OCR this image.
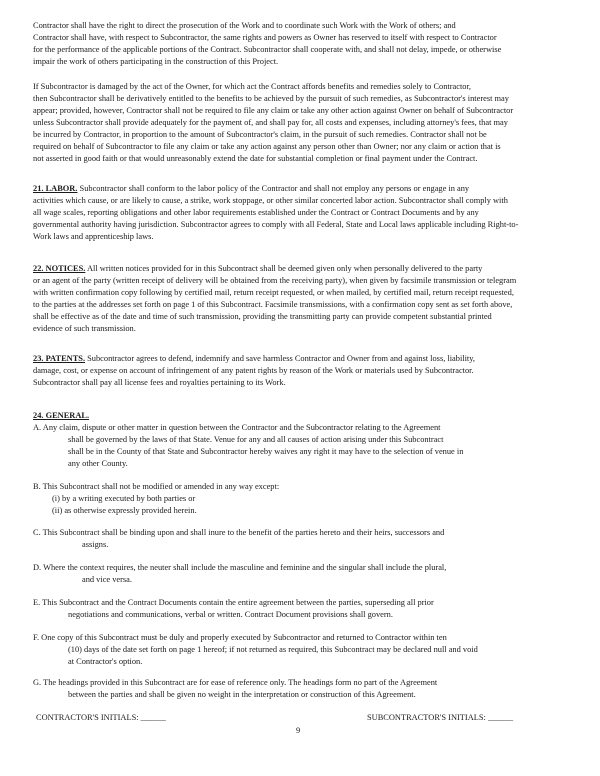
Contractor shall have the right to direct the prosecution of the Work and to coordinate such Work with the Work of others; and
Contractor shall have, with respect to Subcontractor, the same rights and powers as Owner has reserved to itself with respect to Contractor
for the performance of the applicable portions of the Contract. Subcontractor shall cooperate with, and shall not delay, impede, or otherwise
impair the work of others participating in the construction of this Project.
If Subcontractor is damaged by the act of the Owner, for which act the Contract affords benefits and remedies solely to Contractor,
then Subcontractor shall be derivatively entitled to the benefits to be achieved by the pursuit of such remedies, as Subcontractor's interest may
appear; provided, however, Contractor shall not be required to file any claim or take any other action against Owner on behalf of Subcontractor
unless Subcontractor shall provide adequately for the payment of, and shall pay for, all costs and expenses, including attorney's fees, that may
be incurred by Contractor, in proportion to the amount of Subcontractor's claim, in the pursuit of such remedies. Contractor shall not be
required on behalf of Subcontractor to file any claim or take any action against any person other than Owner; nor any claim or action that is
not asserted in good faith or that would unreasonably extend the date for substantial completion or final payment under the Contract.
21. LABOR. Subcontractor shall conform to the labor policy of the Contractor and shall not employ any persons or engage in any
activities which cause, or are likely to cause, a strike, work stoppage, or other similar concerted labor action. Subcontractor shall comply with
all wage scales, reporting obligations and other labor requirements established under the Contract or Contract Documents and by any
governmental authority having jurisdiction. Subcontractor agrees to comply with all Federal, State and Local laws applicable including Right-to-
Work laws and apprenticeship laws.
22. NOTICES. All written notices provided for in this Subcontract shall be deemed given only when personally delivered to the party
or an agent of the party (written receipt of delivery will be obtained from the receiving party), when given by facsimile transmission or telegram
with written confirmation copy following by certified mail, return receipt requested, or when mailed, by certified mail, return receipt requested,
to the parties at the addresses set forth on page 1 of this Subcontract. Facsimile transmissions, with a confirmation copy sent as set forth above,
shall be effective as of the date and time of such transmission, providing the transmitting party can provide competent substantial printed
evidence of such transmission.
23. PATENTS. Subcontractor agrees to defend, indemnify and save harmless Contractor and Owner from and against loss, liability,
damage, cost, or expense on account of infringement of any patent rights by reason of the Work or materials used by Subcontractor.
Subcontractor shall pay all license fees and royalties pertaining to its Work.
24. GENERAL.
A. Any claim, dispute or other matter in question between the Contractor and the Subcontractor relating to the Agreement
shall be governed by the laws of that State. Venue for any and all causes of action arising under this Subcontract
shall be in the County of that State and Subcontractor hereby waives any right it may have to the selection of venue in
any other County.
B. This Subcontract shall not be modified or amended in any way except:
(i) by a writing executed by both parties or
(ii) as otherwise expressly provided herein.
C. This Subcontract shall be binding upon and shall inure to the benefit of the parties hereto and their heirs, successors and
assigns.
D. Where the context requires, the neuter shall include the masculine and feminine and the singular shall include the plural,
and vice versa.
E. This Subcontract and the Contract Documents contain the entire agreement between the parties, superseding all prior
negotiations and communications, verbal or written. Contract Document provisions shall govern.
F. One copy of this Subcontract must be duly and properly executed by Subcontractor and returned to Contractor within ten
(10) days of the date set forth on page 1 hereof; if not returned as required, this Subcontract may be declared null and void
at Contractor's option.
G. The headings provided in this Subcontract are for ease of reference only. The headings form no part of the Agreement
between the parties and shall be given no weight in the interpretation or construction of this Agreement.
CONTRACTOR'S INITIALS: ______	SUBCONTRACTOR'S INITIALS: ______
9
